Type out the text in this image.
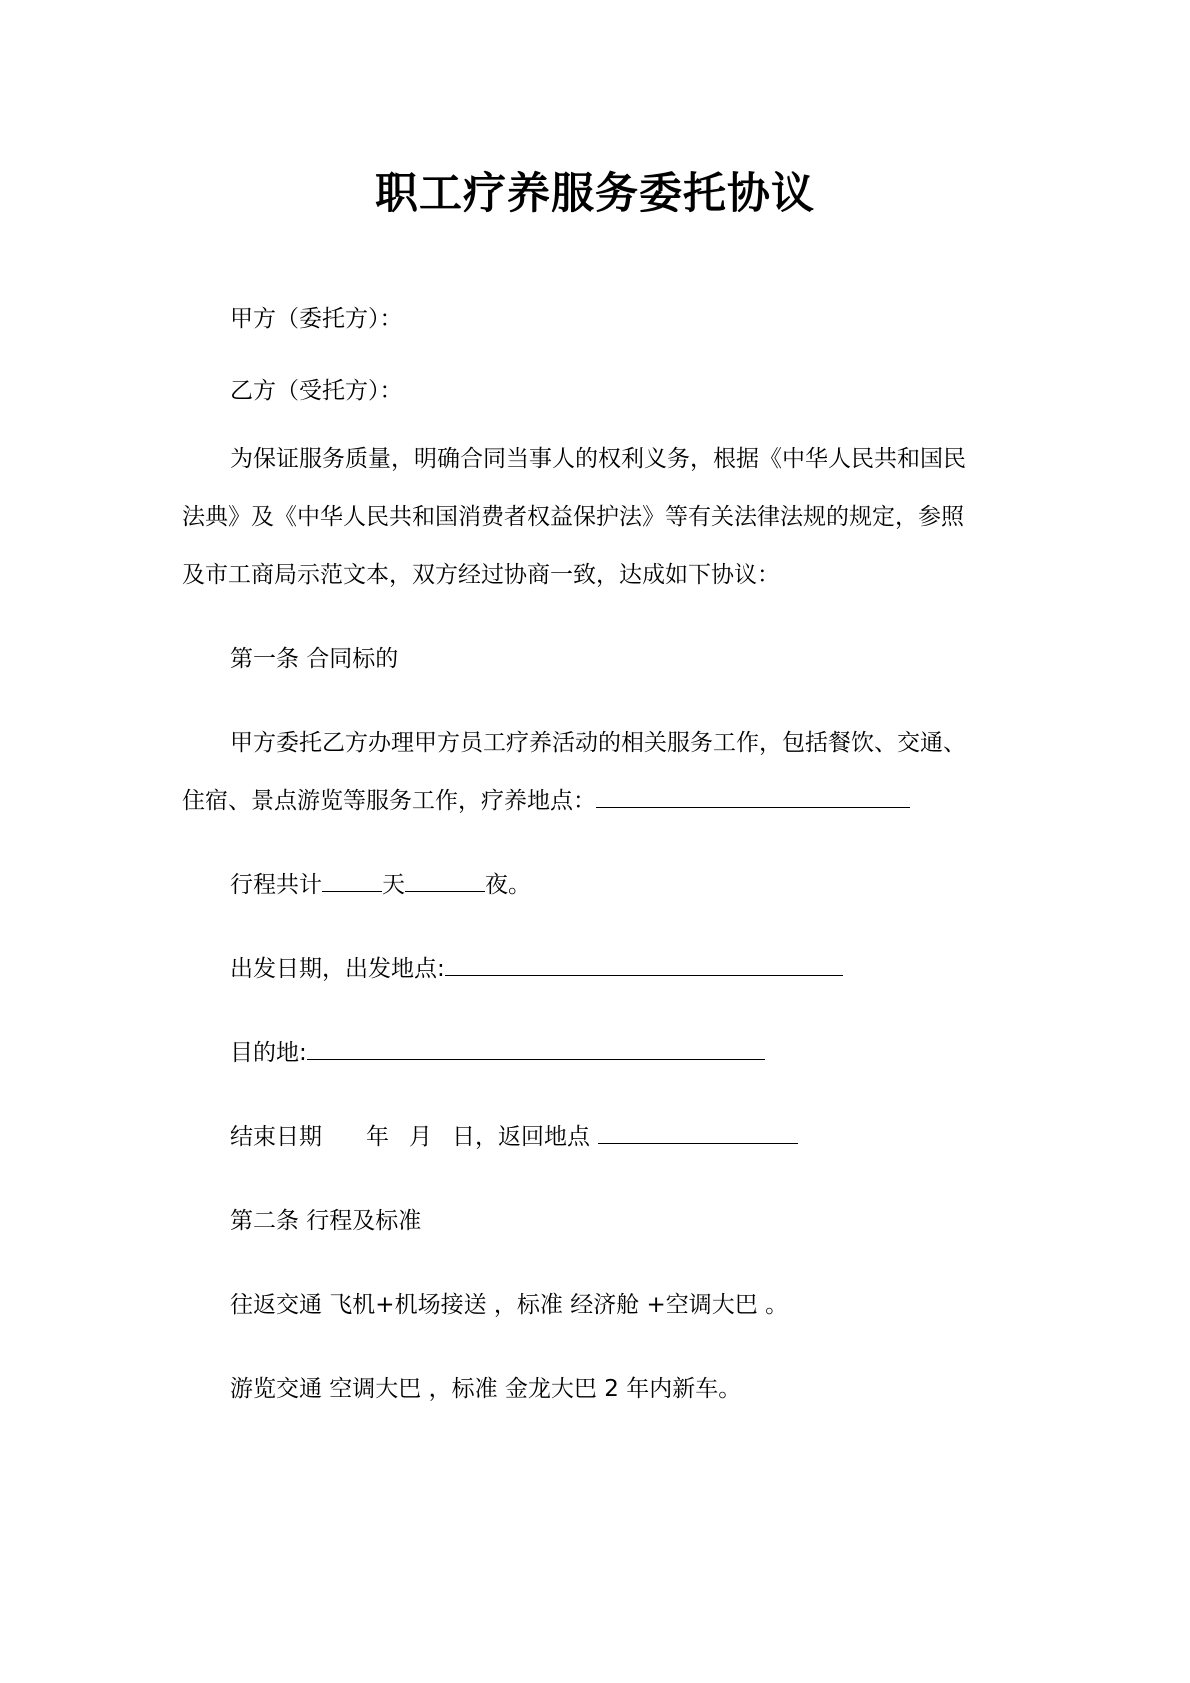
职工疗养服务委托协议
甲方（委托方）：
乙方（受托方）：
为保证服务质量，明确合同当事人的权利义务，根据《中华人民共和国民
法典》及《中华人民共和国消费者权益保护法》等有关法律法规的规定，参照
及市工商局示范文本，双方经过协商一致，达成如下协议：
第一条 合同标的
甲方委托乙方办理甲方员工疗养活动的相关服务工作，包括餐饮、交通、
住宿、景点游览等服务工作，疗养地点：
行程共计	天	夜。
出发日期，出发地点:
目的地:
结束日期 年 月 日，返回地点
第二条 行程及标准
往返交通 飞机+机场接送 ，标准 经济舱 +空调大巴 。
游览交通 空调大巴 ，标准 金龙大巴 2 年内新车。
